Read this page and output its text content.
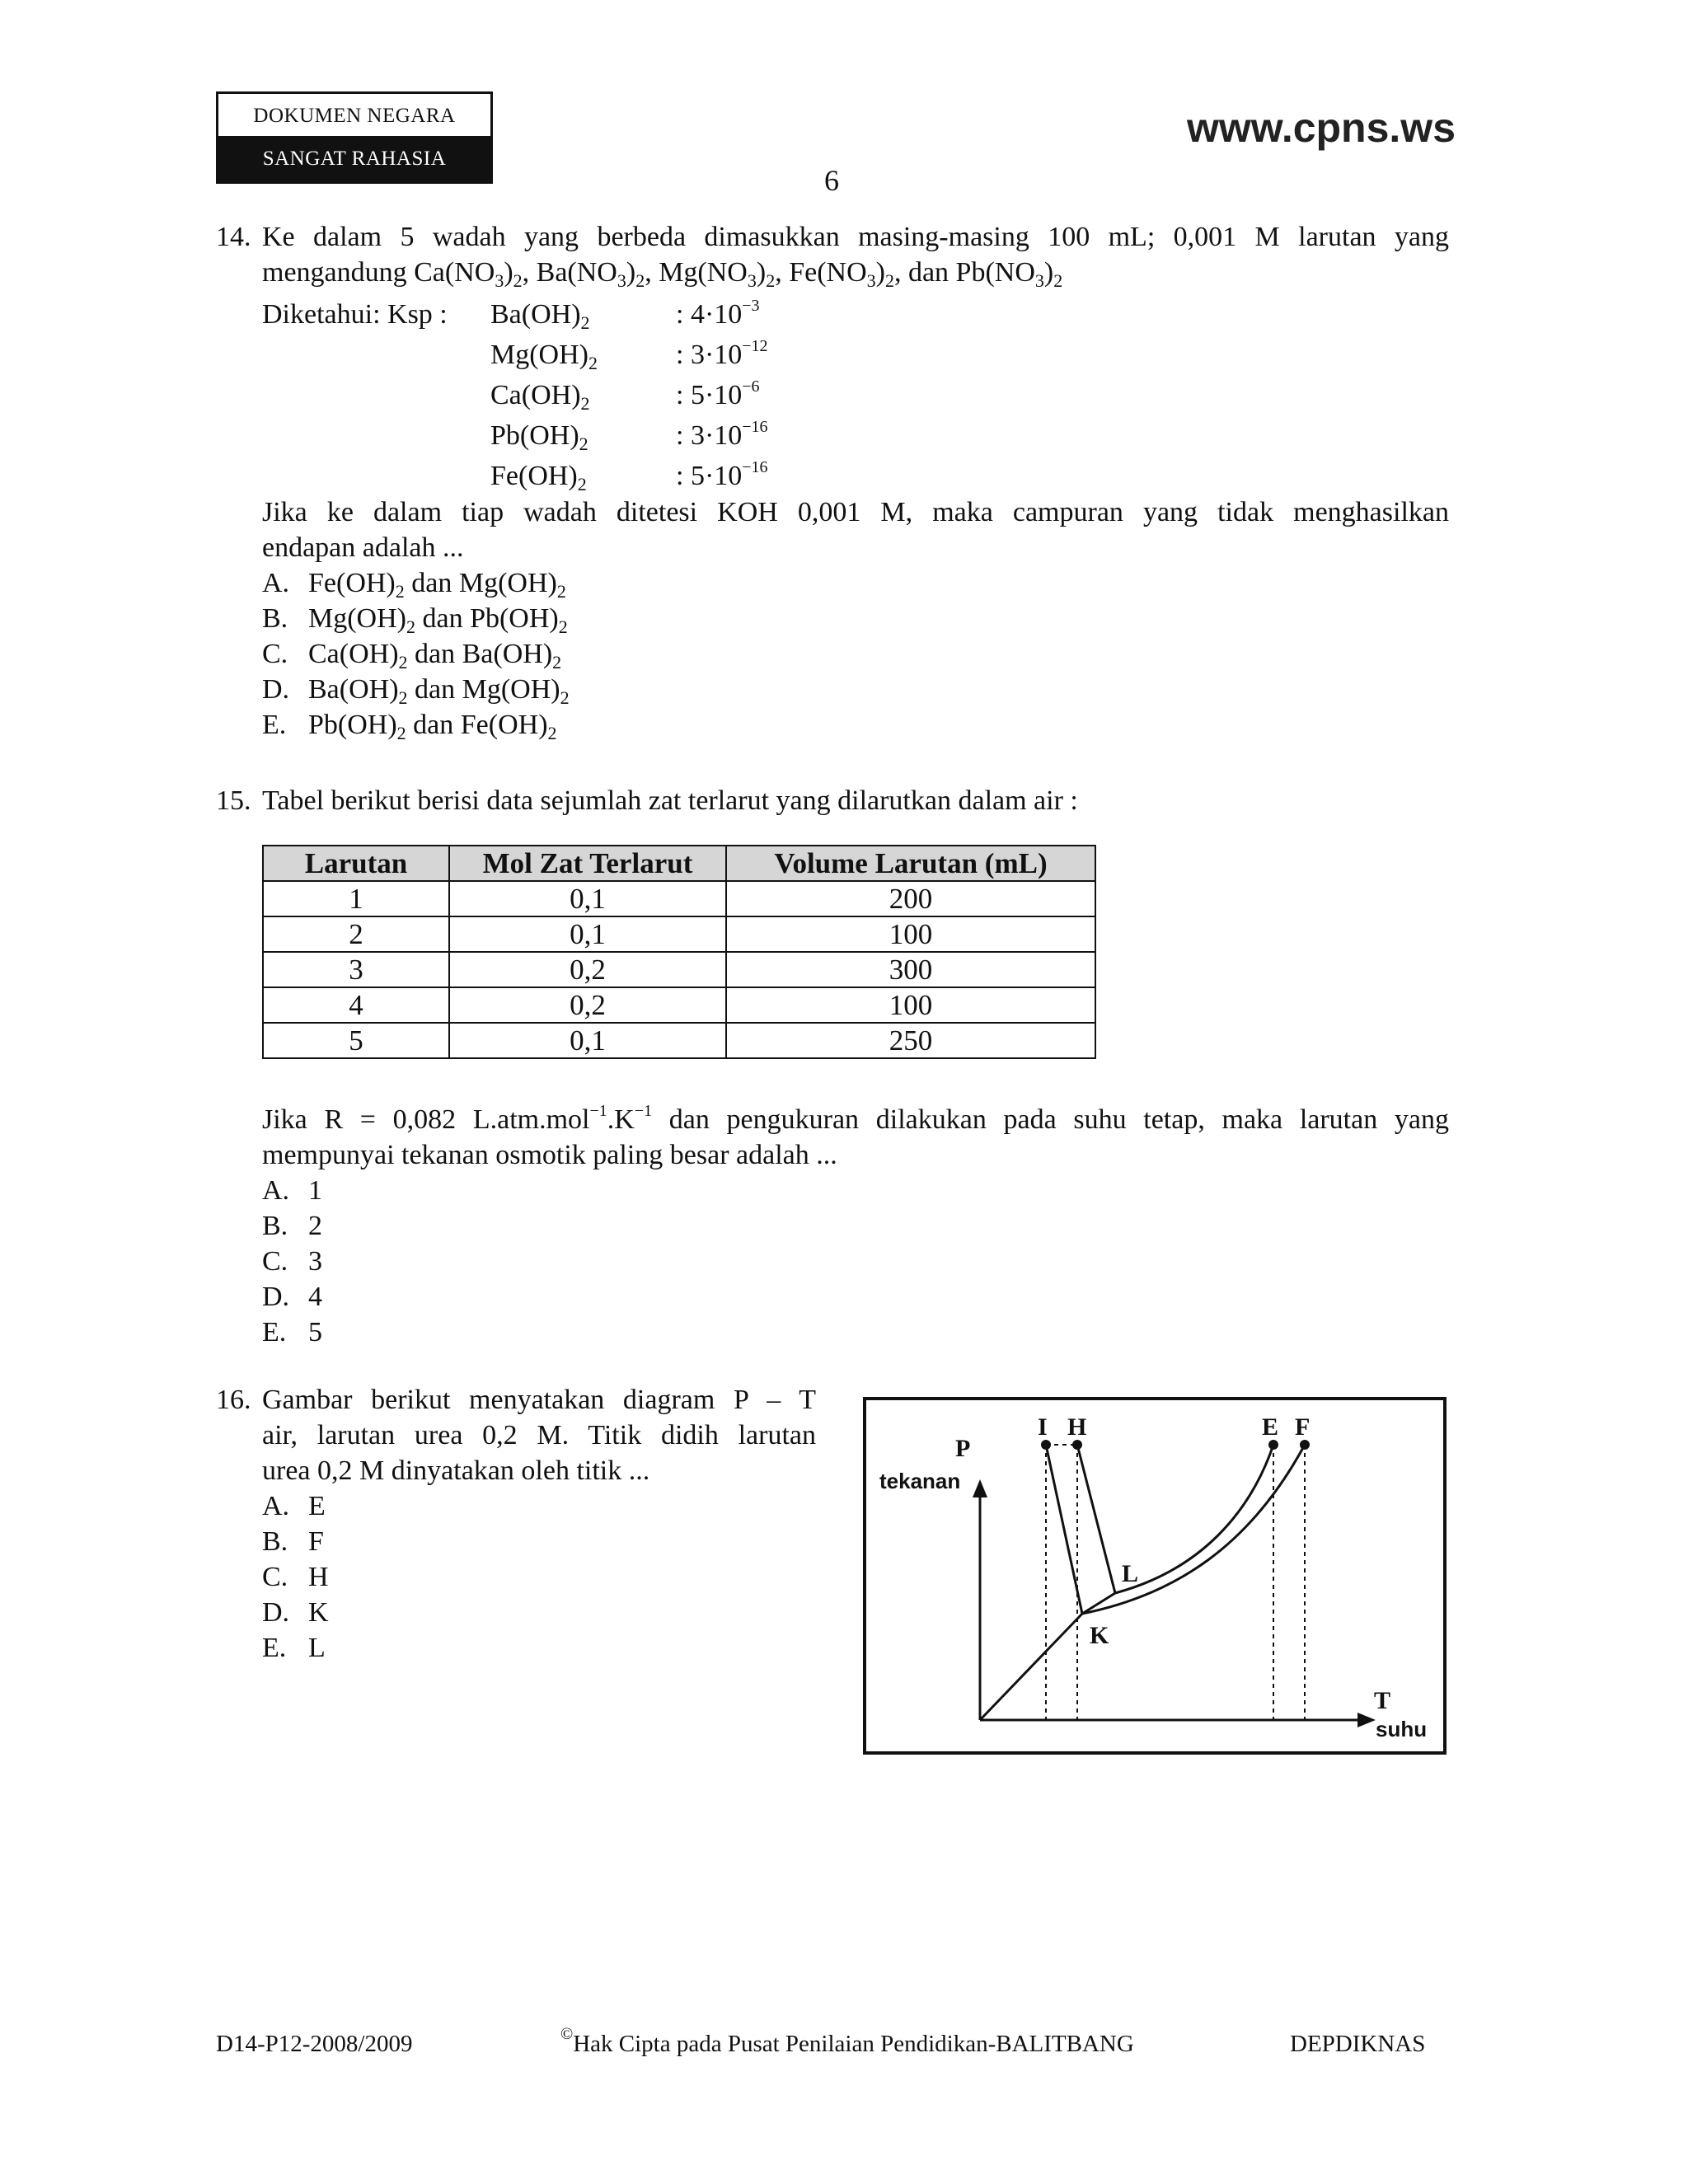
DOKUMEN NEGARA
SANGAT RAHASIA
www.cpns.ws
6
14. Ke dalam 5 wadah yang berbeda dimasukkan masing-masing 100 mL; 0,001 M larutan yang
mengandung $Ca(NO_3)_2$, $Ba(NO_3)_2$, $Mg(NO_3)_2$, $Fe(NO_3)_2$, dan $Pb(NO_3)_2$
Diketahui: Ksp : $Ba(OH)_2$	: $4\cdot 10^{-3}$
$Mg(OH)_2$	: $3\cdot 10^{-12}$
$Ca(OH)_2$	: $5\cdot 10^{-6}$
$Pb(OH)_2$	: $3\cdot 10^{-16}$
$Fe(OH)_2$	: $5\cdot 10^{-16}$
Jika ke dalam tiap wadah ditetesi KOH 0,001 M, maka campuran yang tidak menghasilkan
endapan adalah ...
A. $Fe(OH)_2$ dan $Mg(OH)_2$
B. $Mg(OH)_2$ dan $Pb(OH)_2$
C. $Ca(OH)_2$ dan $Ba(OH)_2$
D. $Ba(OH)_2$ dan $Mg(OH)_2$
E. $Pb(OH)_2$ dan $Fe(OH)_2$
15. Tabel berikut berisi data sejumlah zat terlarut yang dilarutkan dalam air :
Larutan	Mol Zat Terlarut	Volume Larutan (mL)
1	0,1	200
2	0,1	100
3	0,2	300
4	0,2	100
5	0,1	250
Jika R = 0,082 $L.atm.mol^{-1}.K^{-1}$ dan pengukuran dilakukan pada suhu tetap, maka larutan yang
mempunyai tekanan osmotik paling besar adalah ...
A. 1
B. 2
C. 3
D. 4
E. 5
16. Gambar berikut menyatakan diagram P – T
air, larutan urea 0,2 M. Titik didih larutan
urea 0,2 M dinyatakan oleh titik ...
A. E
B. F
C. H
D. K
E. L
P
tekanan
T
suhu
I H	E F
L
K
D14-P12-2008/2009	©Hak Cipta pada Pusat Penilaian Pendidikan-BALITBANG	DEPDIKNAS
